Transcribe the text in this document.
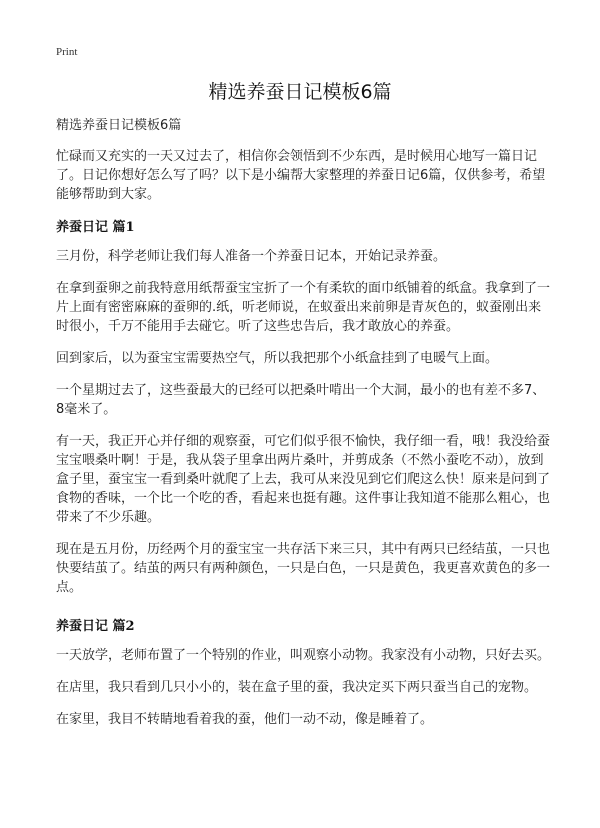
Print
精选养蚕日记模板6篇

精选养蚕日记模板6篇

忙碌而又充实的一天又过去了，相信你会领悟到不少东西，是时候用心地写一篇日记了。日记你想好怎么写了吗？以下是小编帮大家整理的养蚕日记6篇，仅供参考，希望能够帮助到大家。

养蚕日记 篇1

三月份，科学老师让我们每人准备一个养蚕日记本，开始记录养蚕。

在拿到蚕卵之前我特意用纸帮蚕宝宝折了一个有柔软的面巾纸铺着的纸盒。我拿到了一片上面有密密麻麻的蚕卵的.纸，听老师说，在蚁蚕出来前卵是青灰色的，蚁蚕刚出来时很小，千万不能用手去碰它。听了这些忠告后，我才敢放心的养蚕。

回到家后，以为蚕宝宝需要热空气，所以我把那个小纸盒挂到了电暖气上面。

一个星期过去了，这些蚕最大的已经可以把桑叶啃出一个大洞，最小的也有差不多7、8毫米了。

有一天，我正开心并仔细的观察蚕，可它们似乎很不愉快，我仔细一看，哦！我没给蚕宝宝喂桑叶啊！于是，我从袋子里拿出两片桑叶，并剪成条（不然小蚕吃不动），放到盒子里，蚕宝宝一看到桑叶就爬了上去，我可从来没见到它们爬这么快！原来是问到了食物的香味，一个比一个吃的香，看起来也挺有趣。这件事让我知道不能那么粗心，也带来了不少乐趣。

现在是五月份，历经两个月的蚕宝宝一共存活下来三只，其中有两只已经结茧，一只也快要结茧了。结茧的两只有两种颜色，一只是白色，一只是黄色，我更喜欢黄色的多一点。

养蚕日记 篇2

一天放学，老师布置了一个特别的作业，叫观察小动物。我家没有小动物，只好去买。

在店里，我只看到几只小小的，装在盒子里的蚕，我决定买下两只蚕当自己的宠物。

在家里，我目不转睛地看着我的蚕，他们一动不动，像是睡着了。
